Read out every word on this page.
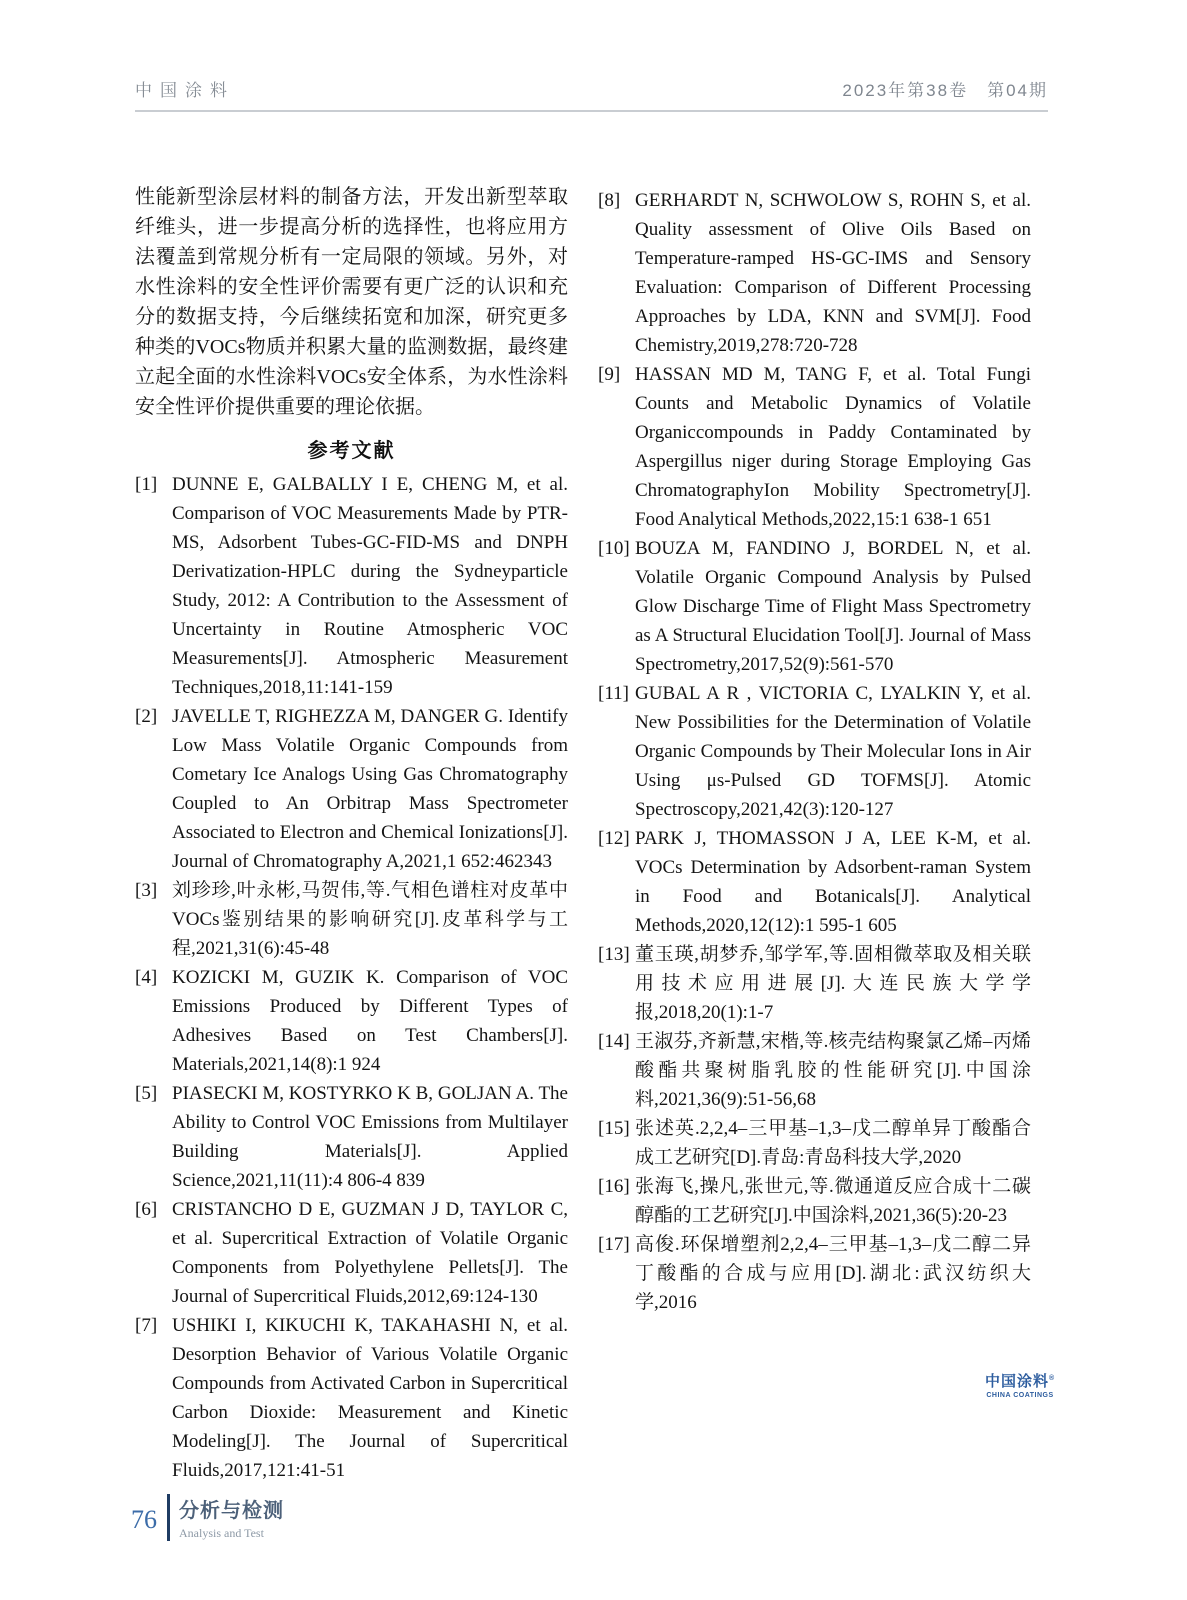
中国涂料	2023年第38卷　第04期

性能新型涂层材料的制备方法，开发出新型萃取纤维头，进一步提高分析的选择性，也将应用方法覆盖到常规分析有一定局限的领域。另外，对水性涂料的安全性评价需要有更广泛的认识和充分的数据支持，今后继续拓宽和加深，研究更多种类的VOCs物质并积累大量的监测数据，最终建立起全面的水性涂料VOCs安全体系，为水性涂料安全性评价提供重要的理论依据。

参考文献
[1] DUNNE E, GALBALLY I E, CHENG M, et al. Comparison of VOC Measurements Made by PTR-MS, Adsorbent Tubes-GC-FID-MS and DNPH Derivatization-HPLC during the Sydneyparticle Study, 2012: A Contribution to the Assessment of Uncertainty in Routine Atmospheric VOC Measurements[J]. Atmospheric Measurement Techniques,2018,11:141-159
[2] JAVELLE T, RIGHEZZA M, DANGER G. Identify Low Mass Volatile Organic Compounds from Cometary Ice Analogs Using Gas Chromatography Coupled to An Orbitrap Mass Spectrometer Associated to Electron and Chemical Ionizations[J]. Journal of Chromatography A,2021,1 652:462343
[3] 刘珍珍,叶永彬,马贺伟,等.气相色谱柱对皮革中VOCs鉴别结果的影响研究[J].皮革科学与工程,2021,31(6):45-48
[4] KOZICKI M, GUZIK K. Comparison of VOC Emissions Produced by Different Types of Adhesives Based on Test Chambers[J]. Materials,2021,14(8):1 924
[5] PIASECKI M, KOSTYRKO K B, GOLJAN A. The Ability to Control VOC Emissions from Multilayer Building Materials[J]. Applied Science,2021,11(11):4 806-4 839
[6] CRISTANCHO D E, GUZMAN J D, TAYLOR C, et al. Supercritical Extraction of Volatile Organic Components from Polyethylene Pellets[J]. The Journal of Supercritical Fluids,2012,69:124-130
[7] USHIKI I, KIKUCHI K, TAKAHASHI N, et al. Desorption Behavior of Various Volatile Organic Compounds from Activated Carbon in Supercritical Carbon Dioxide: Measurement and Kinetic Modeling[J]. The Journal of Supercritical Fluids,2017,121:41-51
[8] GERHARDT N, SCHWOLOW S, ROHN S, et al. Quality assessment of Olive Oils Based on Temperature-ramped HS-GC-IMS and Sensory Evaluation: Comparison of Different Processing Approaches by LDA, KNN and SVM[J]. Food Chemistry,2019,278:720-728
[9] HASSAN MD M, TANG F, et al. Total Fungi Counts and Metabolic Dynamics of Volatile Organiccompounds in Paddy Contaminated by Aspergillus niger during Storage Employing Gas ChromatographyIon Mobility Spectrometry[J]. Food Analytical Methods,2022,15:1 638-1 651
[10] BOUZA M, FANDINO J, BORDEL N, et al. Volatile Organic Compound Analysis by Pulsed Glow Discharge Time of Flight Mass Spectrometry as A Structural Elucidation Tool[J]. Journal of Mass Spectrometry,2017,52(9):561-570
[11] GUBAL A R , VICTORIA C, LYALKIN Y, et al. New Possibilities for the Determination of Volatile Organic Compounds by Their Molecular Ions in Air Using μs-Pulsed GD TOFMS[J]. Atomic Spectroscopy,2021,42(3):120-127
[12] PARK J, THOMASSON J A, LEE K-M, et al. VOCs Determination by Adsorbent-raman System in Food and Botanicals[J]. Analytical Methods,2020,12(12):1 595-1 605
[13] 董玉瑛,胡梦乔,邹学军,等.固相微萃取及相关联用技术应用进展[J].大连民族大学学报,2018,20(1):1-7
[14] 王淑芬,齐新慧,宋楷,等.核壳结构聚氯乙烯–丙烯酸酯共聚树脂乳胶的性能研究[J].中国涂料,2021,36(9):51-56,68
[15] 张述英.2,2,4–三甲基–1,3–戊二醇单异丁酸酯合成工艺研究[D].青岛:青岛科技大学,2020
[16] 张海飞,操凡,张世元,等.微通道反应合成十二碳醇酯的工艺研究[J].中国涂料,2021,36(5):20-23
[17] 高俊.环保增塑剂2,2,4–三甲基–1,3–戊二醇二异丁酸酯的合成与应用[D].湖北:武汉纺织大学,2016
中国涂料®
CHINA COATINGS
76 分析与检测
Analysis and Test
